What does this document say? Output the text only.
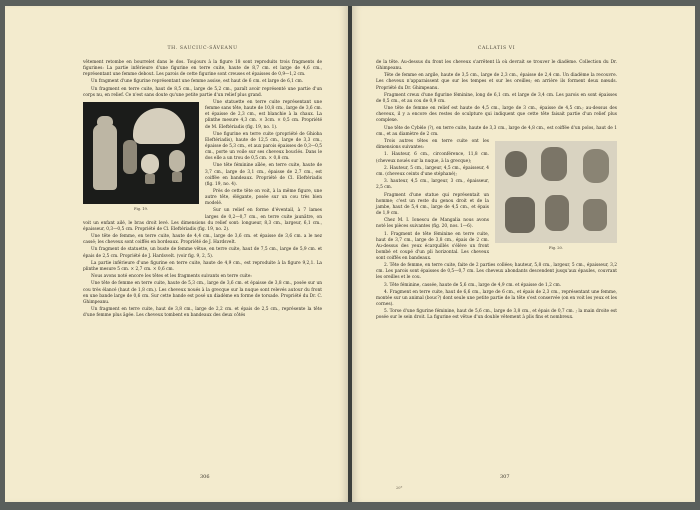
TH. SAUCIUC-SĂVEANU

vêtement retombe en bourrelet dans le dos. Toujours à la figure 18 sont reproduits trois fragments de figurines: La partie inférieure d'une figurine en terre cuite, haute de 8,7 cm. et large de 4,6 cm., représentant une femme debout. Les parois de cette figurine sont creuses et épaisses de 0,9—1,2 cm.

Un fragment d'une figurine représentant une femme assise, est haut de 6 cm. et large de 6,1 cm.

Un fragment en terre cuite, haut de 8,5 cm., large de 5,2 cm., paraît avoir représenté une partie d'un corps nu, en relief. Ce n'est sans doute qu'une petite partie d'un relief plus grand.

Fig. 19.

Une statuette en terre cuite représentant une femme sans tête, haute de 10,8 cm., large de 3,6 cm. et épaisse de 2,3 cm., est blanchie à la chaux. La plinthe mesure 4,3 cm. × 3cm. × 0,5 cm. Propriété de M. Eleftériadis (fig. 19, no. 1).

Une figurine en terre cuite (propriété de Ghioba Eleftériadis), haute de 12,5 cm., large de 3,3 cm., épaisse de 5,3 cm., et aux parois épaisses de 0,3—0,5 cm., porte un voile sur ses cheveux bouclés. Dans le dos elle a un trou de 0,5 cm. × 0,8 cm.

Une tête féminine aîlée, en terre cuite, haute de 3,7 cm., large de 3,1 cm., épaisse de 2,7 cm., est coiffée en bandeaux. Propriété de Cl. Eleftériadis (fig. 19, no. 4).

Près de cette tête on voit, à la même figure, une autre tête, élégante, posée sur un cou très bien modelé.

Sur un relief en forme d'éventail, à 7 lames larges de 0,2—0,7 cm., en terre cuite jaunâtre, on voit un enfant ailé, le bras droit levé. Les dimensions du relief sont: longueur, 8,3 cm., largeur, 6,1 cm., épaisseur, 0,3—0,5 cm. Propriété de Cl. Eleftériadis (fig. 19, no. 2).

Une tête de femme, en terre cuite, haute de 4,4 cm., large de 3,6 cm. et épaisse de 3,6 cm. a le nez cassé; les cheveux sont coiffés en bordeaux. Propriété de J. Hardsvelt.

Un fragment de statuette, un buste de femme vêtue, en terre cuite, haut de 7,5 cm., large de 5,9 cm. et épais de 2,5 cm. Propriété de J. Hardsvelt. (voir fig. 9, 2, 5).

La partie inférieure d'une figurine en terre cuite, haute de 4,9 cm., est reproduite à la figure 9,2,1. La plinthe mesure 5 cm. × 2,7 cm. × 0,6 cm.

Nous avons noté encore les têtes et les fragments suivants en terre cuite:

Une tête de femme en terre cuite, haute de 5,3 cm., large de 3,6 cm. et épaisse de 3,8 cm., posée sur un cou très élancé (haut de 1,8 cm.). Les cheveux noués à la grecque sur la nuque sont relevés autour du front en une bande large de 0,6 cm. Sur cette bande est posé un diadème en forme de torsade. Propriété du Dr. C. Ghimpeanu.

Un fragment en terre cuite, haut de 3,8 cm., large de 2,2 cm. et épais de 2,5 cm., représente la tête d'une femme plus âgée. Les cheveux tombent en bandeaux des deux côtés

306
CALLATIS VI

de la tête. Au-dessus du front les cheveux s'arrêtent là où devrait se trouver le diadème. Collection du Dr. Ghimpeanu.

Tête de femme en argile, haute de 3,5 cm., large de 2,3 cm., épaisse de 2,4 cm. Un diadème la recouvre. Les cheveux n'apparaissent que sur les tempes et sur les oreilles; en arrière ils forment deux nœuds. Propriété du Dr. Ghimpeanu.

Fragment creux d'une figurine féminine, long de 6,1 cm. et large de 3,4 cm. Les parois en sont épaisses de 0,5 cm., et au cou de 0,9 cm.

Une tête de femme en relief est haute de 4,5 cm., large de 3 cm., épaisse de 4,5 cm.; au-dessus des cheveux, il y a encore des restes de sculpture qui indiquent que cette tête faisait partie d'un relief plus complexe.

Une tête de Cybèle (?), en terre cuite, haute de 3,3 cm., large de 4,8 cm., est coiffée d'un polos, haut de 1 cm., et au diamètre de 2 cm.

Fig. 20.

Trois autres têtes en terre cuite ont les dimensions suivantes:

1. Hauteur, 6 cm., circonférence, 11,8 cm. (cheveux noués sur la nuque, à la grecque);

2. Hauteur, 5 cm., largeur, 4,5 cm., épaisseur, 4 cm. (cheveux ceints d'une stéphané);

3. hauteur, 4,5 cm., largeur, 3 cm., épaisseur, 2,5 cm.

Fragment d'une statue qui représentait un homme; c'est un reste du genou droit et de la jambe, haut de 5,4 cm., large de 4,5 cm., et épais de 1,9 cm.

Chez M. I. Ionescu de Mangalia nous avons noté les pièces suivantes (fig. 20, nos. 1—6).

1. Fragment de tête féminine en terre cuite, haut de 3,7 cm., large de 3,8 cm., épais de 2 cm. Au-dessus des yeux écarquillés s'élève un front bombé et coupé d'un pli horizontal. Les cheveux sont coiffés en bandeaux.

2. Tête de femme, en terre cuite, faite de 2 parties collées; hauteur, 5,8 cm., largeur, 5 cm., épaisseur, 3,2 cm. Les parois sont épaisses de 0,5—0,7 cm. Les cheveux abondants descendent jusqu'aux épaules, couvrant les oreilles et le cou.

3. Tête féminine, cassée, haute de 5,6 cm., large de 4,9 cm. et épaisse de 1,2 cm.

4. Fragment en terre cuite, haut de 6,6 cm., large de 6 cm., et épais de 2,3 cm., représentant une femme, montée sur un animal (bouc?) dont seule une petite partie de la tête s'est conservée (on en voit les yeux et les cornes).

5. Torse d'une figurine féminine, haut de 5,6 cm., large de 3,8 cm., et épais de 0,7 cm. ; la main droite est posée sur le sein droit. La figurine est vêtue d'un double vêtement à plis fins et nombreux.

20*
307
